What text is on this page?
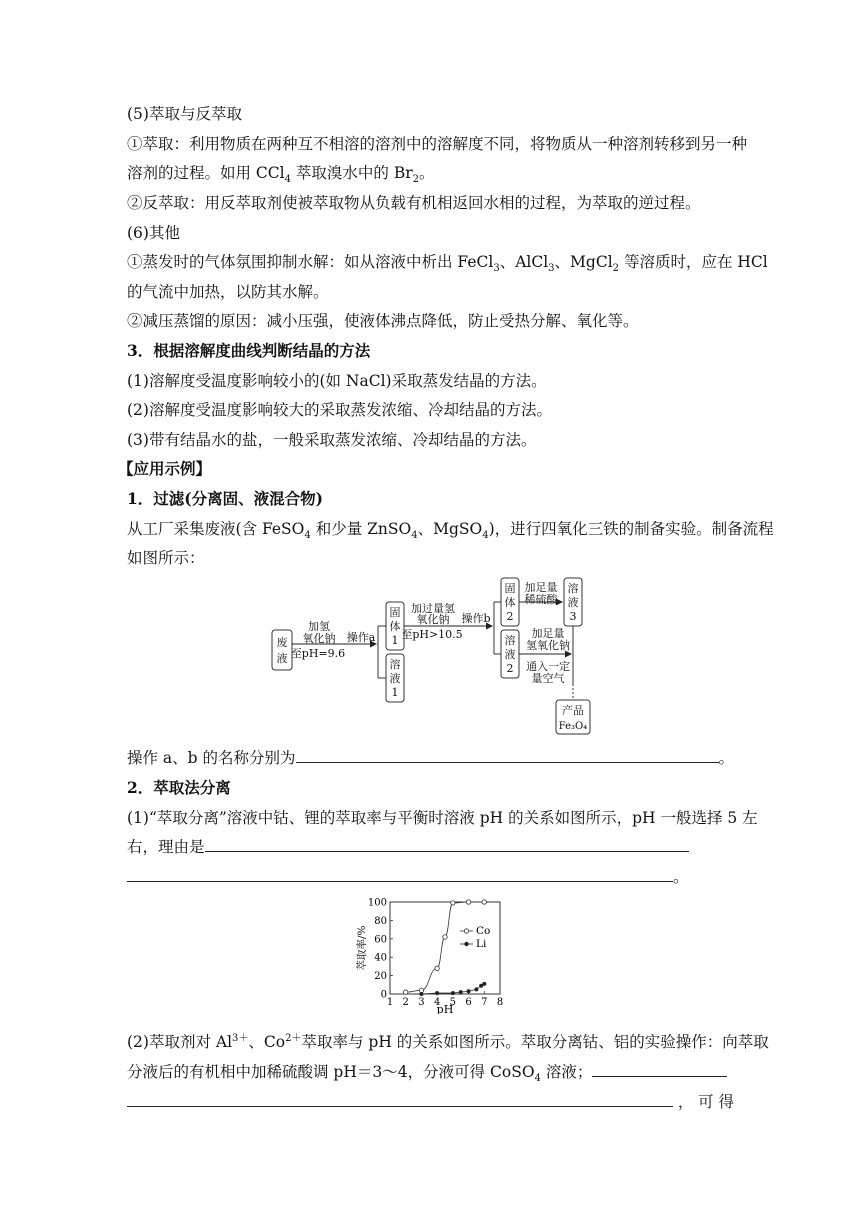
(5)萃取与反萃取
①萃取：利用物质在两种互不相溶的溶剂中的溶解度不同，将物质从一种溶剂转移到另一种
溶剂的过程。如用 CCl$_4$ 萃取溴水中的 $Br_2$。
②反萃取：用反萃取剂使被萃取物从负载有机相返回水相的过程，为萃取的逆过程。
(6)其他
①蒸发时的气体氛围抑制水解：如从溶液中析出 FeCl$_3$、AlCl$_3$、MgCl$_2$ 等溶质时，应在 HCl
的气流中加热，以防其水解。
②减压蒸馏的原因：减小压强，使液体沸点降低，防止受热分解、氧化等。
3．根据溶解度曲线判断结晶的方法
(1)溶解度受温度影响较小的(如 NaCl)采取蒸发结晶的方法。
(2)溶解度受温度影响较大的采取蒸发浓缩、冷却结晶的方法。
(3)带有结晶水的盐，一般采取蒸发浓缩、冷却结晶的方法。
【应用示例】
1．过滤(分离固、液混合物)
从工厂采集废液(含 FeSO$_4$ 和少量 ZnSO$_4$、MgSO$_4$)，进行四氧化三铁的制备实验。制备流程
如图所示：
废
液
加氢
氧化钠
至pH=9.6
操作a
固
体
1
溶
液
1
加过量氢
氧化钠
至pH>10.5
操作b
固
体
2
溶
液
2
加足量
稀硫酸
溶
液
3
加足量
氢氧化钠
通入一定
量空气
产品
Fe₃O₄
操作 a、b 的名称分别为	。
2．萃取法分离
(1)“萃取分离”溶液中钴、锂的萃取率与平衡时溶液 pH 的关系如图所示，pH 一般选择 5 左
右，理由是
。
1 2 3 4 5 6 7 8
0
20
40
60
80
100
萃取率/%
pH
Co
Li
(2)萃取剂对 $Al^{3+}$、$Co^{2+}$萃取率与 pH 的关系如图所示。萃取分离钴、铝的实验操作：向萃取
分液后的有机相中加稀硫酸调 pH＝3～4，分液可得 CoSO$_4$ 溶液；
， 可 得
